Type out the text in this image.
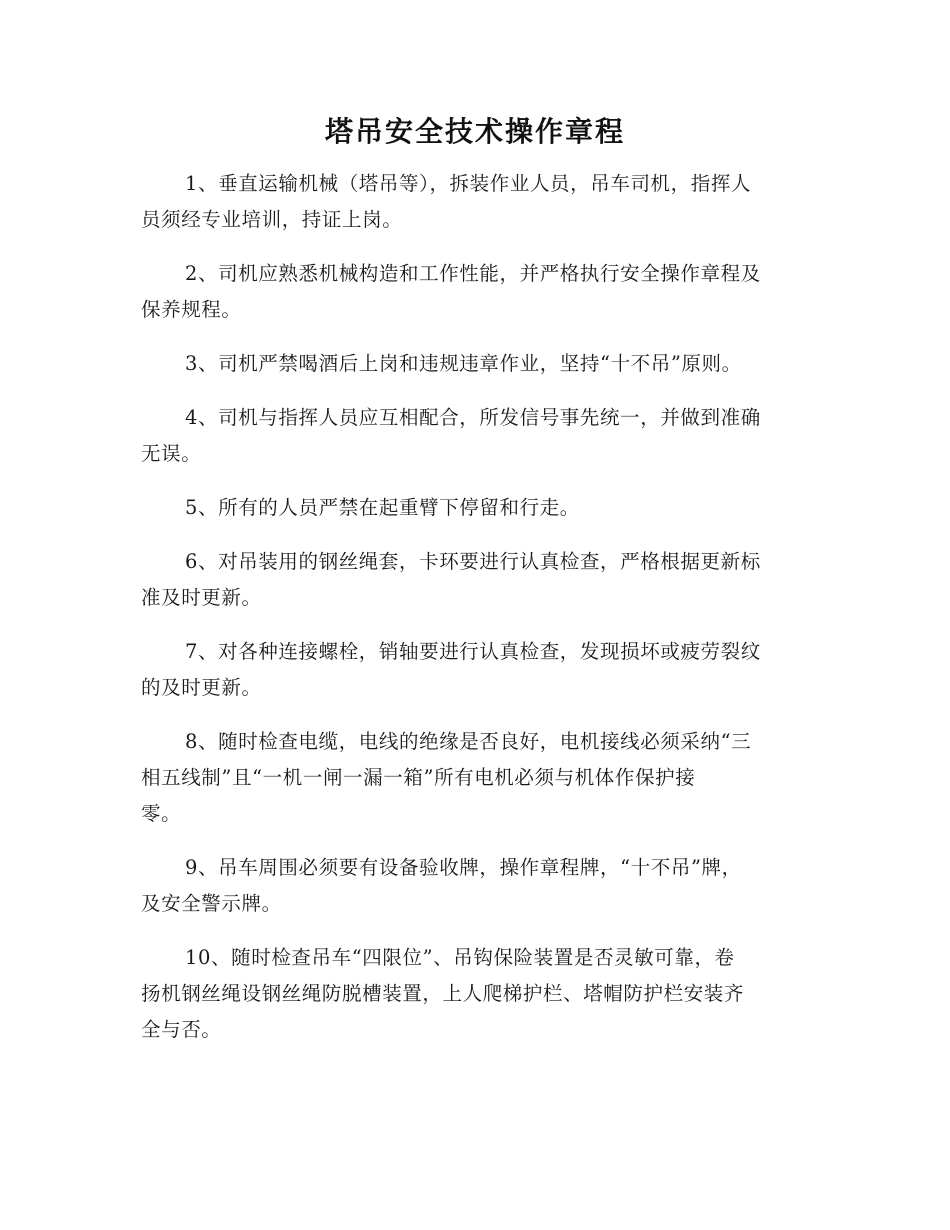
塔吊安全技术操作章程

1、垂直运输机械（塔吊等），拆装作业人员，吊车司机，指挥人
员须经专业培训，持证上岗。

2、司机应熟悉机械构造和工作性能，并严格执行安全操作章程及
保养规程。

3、司机严禁喝酒后上岗和违规违章作业，坚持“十不吊”原则。

4、司机与指挥人员应互相配合，所发信号事先统一，并做到准确
无误。

5、所有的人员严禁在起重臂下停留和行走。

6、对吊装用的钢丝绳套，卡环要进行认真检查，严格根据更新标
准及时更新。

7、对各种连接螺栓，销轴要进行认真检查，发现损坏或疲劳裂纹
的及时更新。

8、随时检查电缆，电线的绝缘是否良好，电机接线必须采纳“三
相五线制”且“一机一闸一漏一箱”所有电机必须与机体作保护接
零。

9、吊车周围必须要有设备验收牌，操作章程牌，“十不吊”牌，
及安全警示牌。

10、随时检查吊车“四限位”、吊钩保险装置是否灵敏可靠，卷
扬机钢丝绳设钢丝绳防脱槽装置，上人爬梯护栏、塔帽防护栏安装齐
全与否。
